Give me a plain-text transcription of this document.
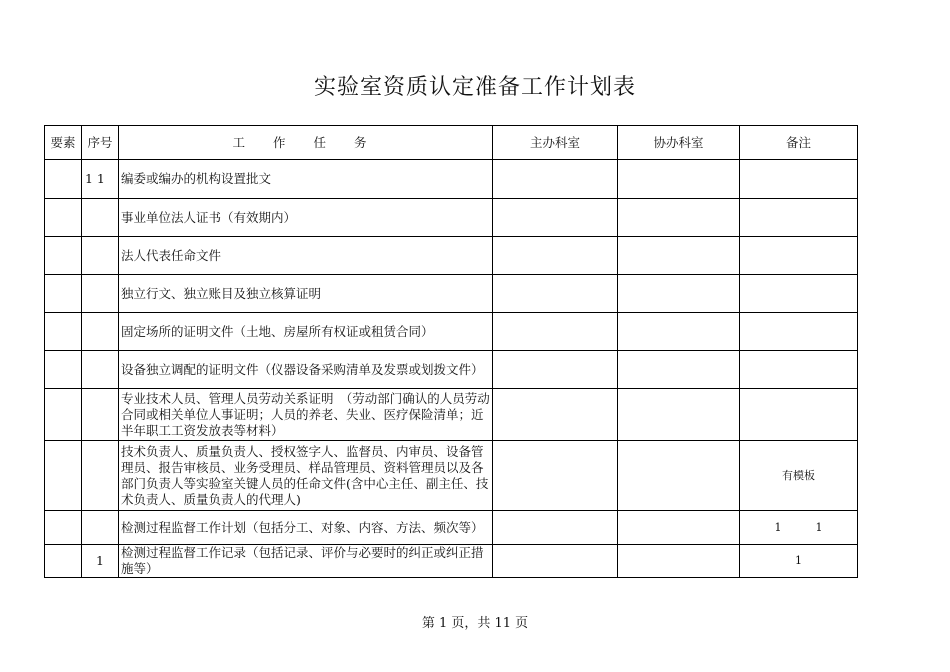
实验室资质认定准备工作计划表
要素	序号	工 作 任 务	主办科室	协办科室	备注
	1 1	编委或编办的机构设置批文			
		事业单位法人证书（有效期内）			
		法人代表任命文件			
		独立行文、独立账目及独立核算证明			
		固定场所的证明文件（土地、房屋所有权证或租赁合同）			
		设备独立调配的证明文件（仪器设备采购清单及发票或划拨文件）			
		专业技术人员、管理人员劳动关系证明　（劳动部门确认的人员劳动合同或相关单位人事证明；人员的养老、失业、医疗保险清单；近半年职工工资发放表等材料）			
		技术负责人、质量负责人、授权签字人、监督员、内审员、设备管理员、报告审核员、业务受理员、样品管理员、资料管理员以及各部门负责人等实验室关键人员的任命文件(含中心主任、副主任、技术负责人、质量负责人的代理人)			有模板
		检测过程监督工作计划（包括分工、对象、内容、方法、频次等）			1 1
	1	检测过程监督工作记录（包括记录、评价与必要时的纠正或纠正措施等）			1
第 1 页，共 11 页
